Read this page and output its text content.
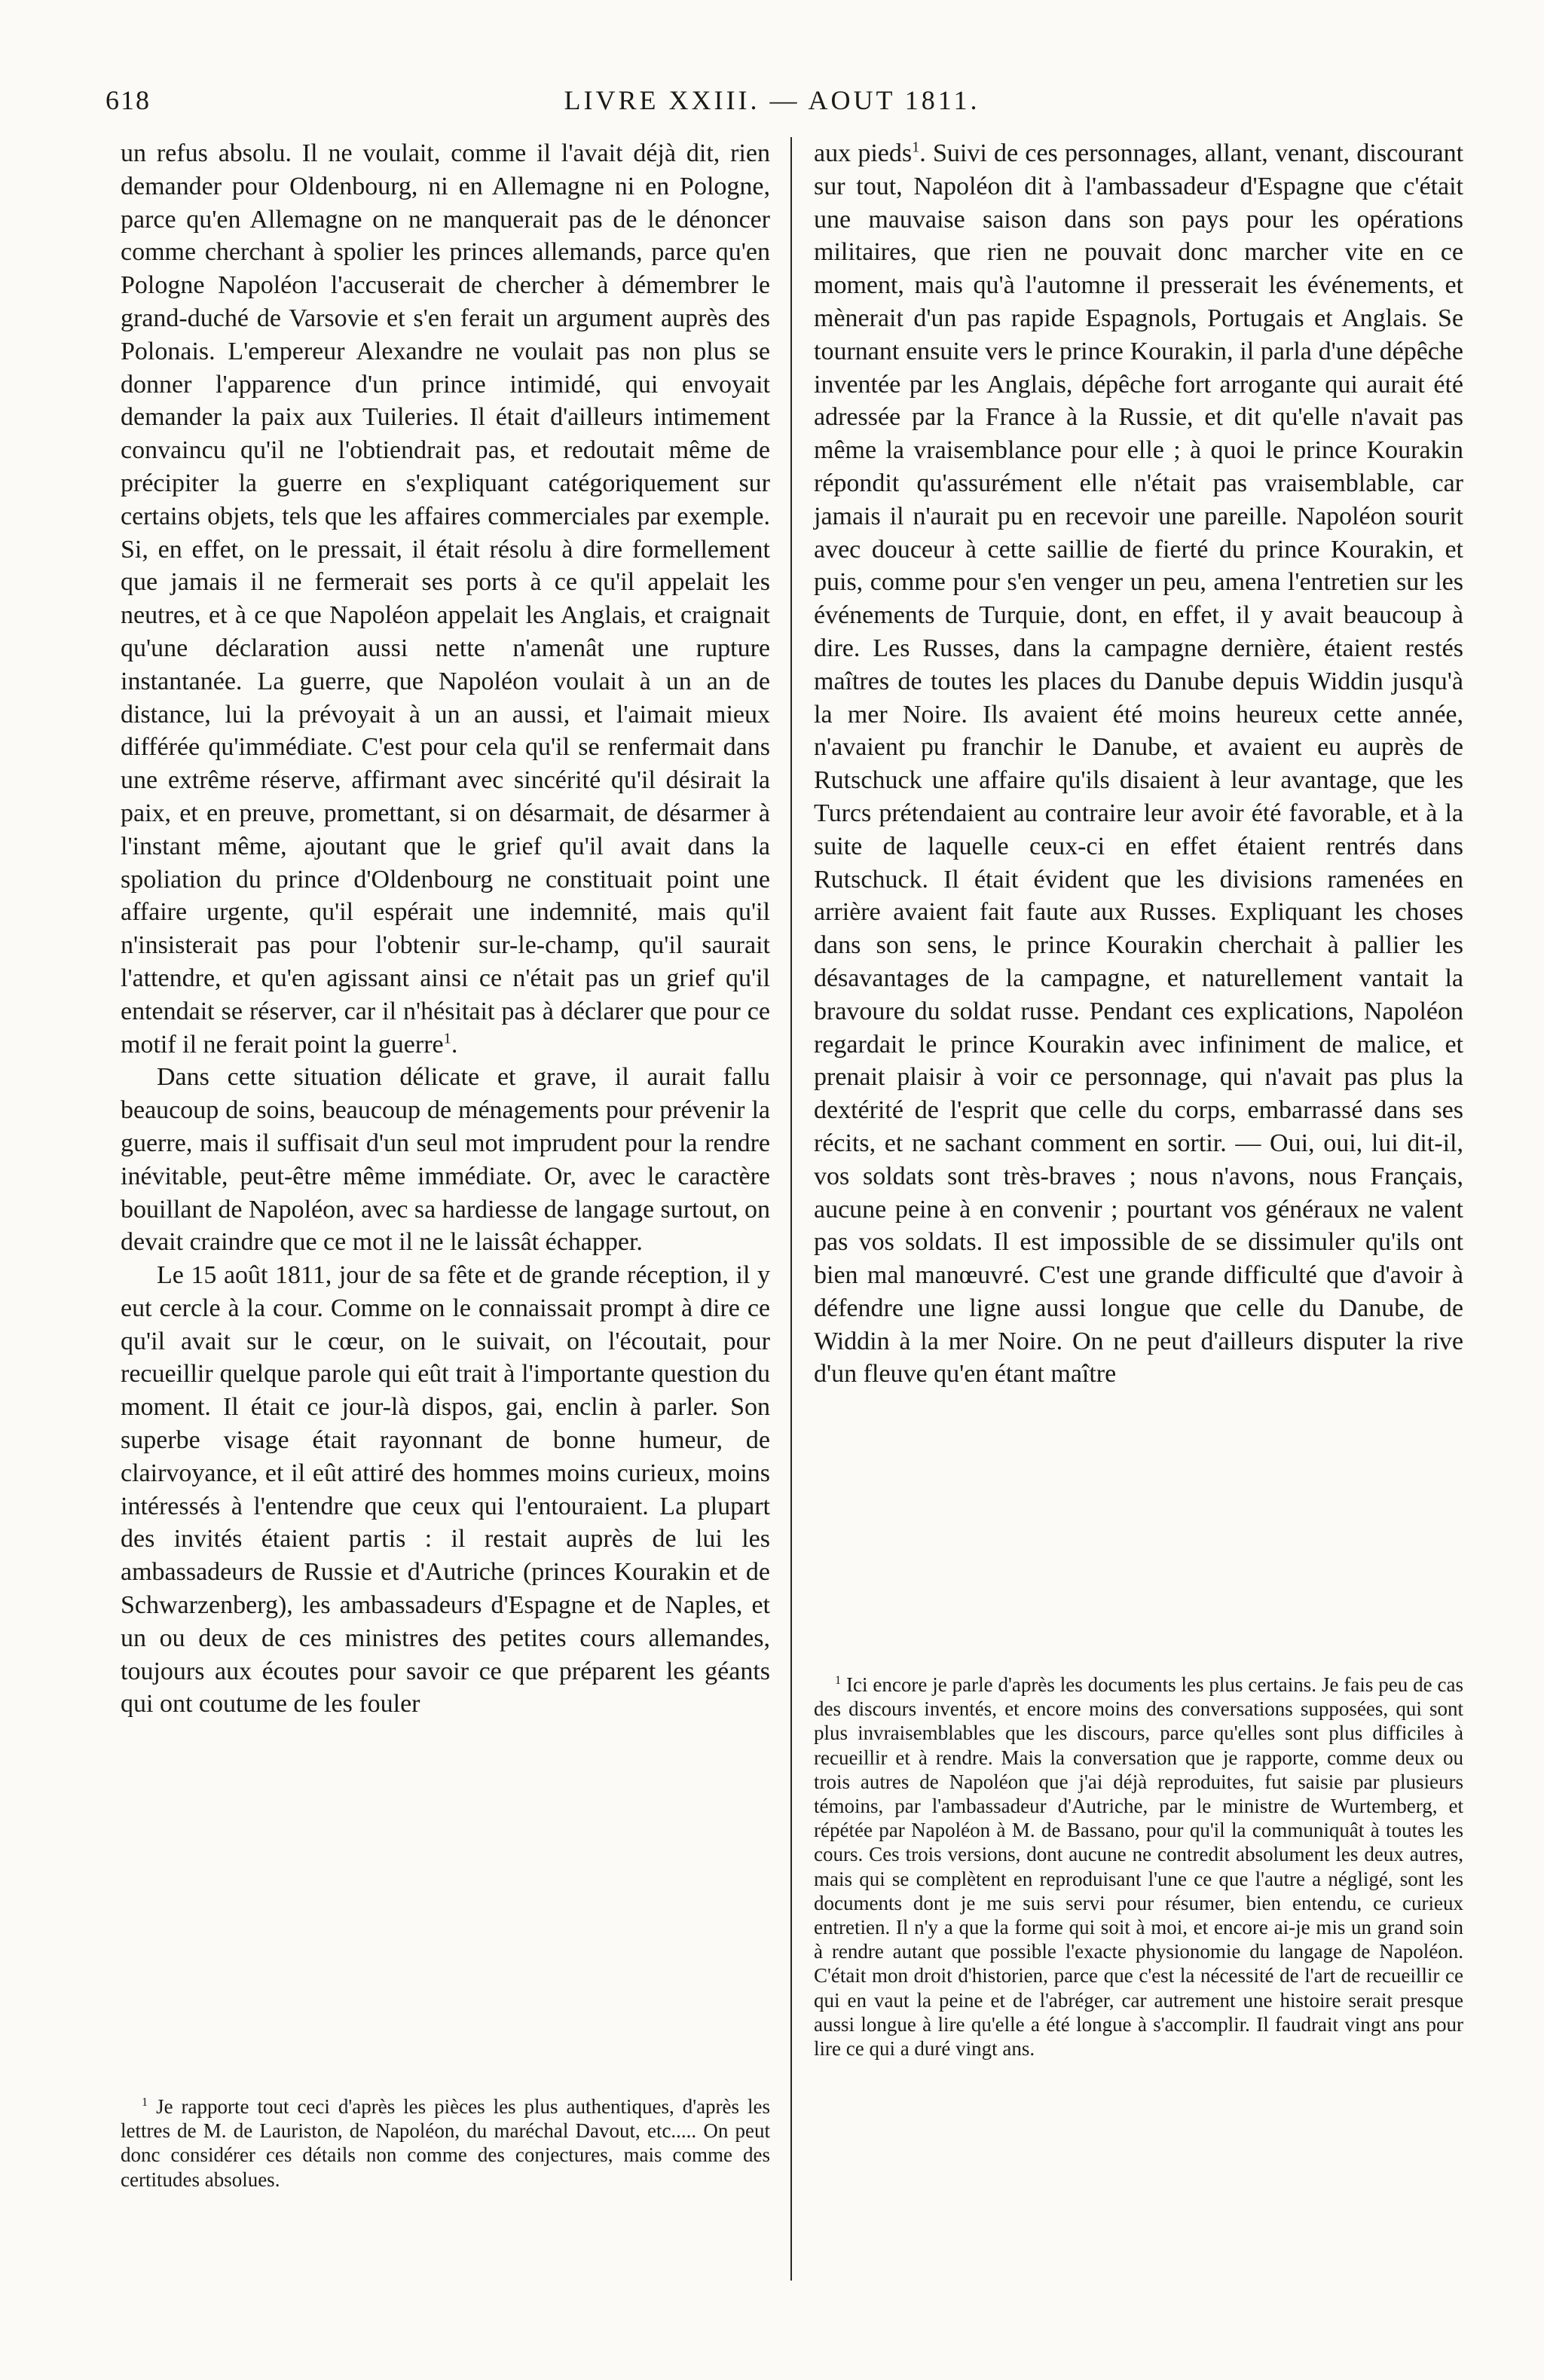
618	LIVRE XXIII. — AOUT 1811.

un refus absolu. Il ne voulait, comme il l'avait déjà dit, rien demander pour Oldenbourg, ni en Allemagne ni en Pologne, parce qu'en Allemagne on ne manquerait pas de le dénoncer comme cherchant à spolier les princes allemands, parce qu'en Pologne Napoléon l'accuserait de chercher à démembrer le grand-duché de Varsovie et s'en ferait un argument auprès des Polonais. L'empereur Alexandre ne voulait pas non plus se donner l'apparence d'un prince intimidé, qui envoyait demander la paix aux Tuileries. Il était d'ailleurs intimement convaincu qu'il ne l'obtiendrait pas, et redoutait même de précipiter la guerre en s'expliquant catégoriquement sur certains objets, tels que les affaires commerciales par exemple. Si, en effet, on le pressait, il était résolu à dire formellement que jamais il ne fermerait ses ports à ce qu'il appelait les neutres, et à ce que Napoléon appelait les Anglais, et craignait qu'une déclaration aussi nette n'amenât une rupture instantanée. La guerre, que Napoléon voulait à un an de distance, lui la prévoyait à un an aussi, et l'aimait mieux différée qu'immédiate. C'est pour cela qu'il se renfermait dans une extrême réserve, affirmant avec sincérité qu'il désirait la paix, et en preuve, promettant, si on désarmait, de désarmer à l'instant même, ajoutant que le grief qu'il avait dans la spoliation du prince d'Oldenbourg ne constituait point une affaire urgente, qu'il espérait une indemnité, mais qu'il n'insisterait pas pour l'obtenir sur-le-champ, qu'il saurait l'attendre, et qu'en agissant ainsi ce n'était pas un grief qu'il entendait se réserver, car il n'hésitait pas à déclarer que pour ce motif il ne ferait point la guerre$^1$.

Dans cette situation délicate et grave, il aurait fallu beaucoup de soins, beaucoup de ménagements pour prévenir la guerre, mais il suffisait d'un seul mot imprudent pour la rendre inévitable, peut-être même immédiate. Or, avec le caractère bouillant de Napoléon, avec sa hardiesse de langage surtout, on devait craindre que ce mot il ne le laissât échapper.

Le 15 août 1811, jour de sa fête et de grande réception, il y eut cercle à la cour. Comme on le connaissait prompt à dire ce qu'il avait sur le cœur, on le suivait, on l'écoutait, pour recueillir quelque parole qui eût trait à l'importante question du moment. Il était ce jour-là dispos, gai, enclin à parler. Son superbe visage était rayonnant de bonne humeur, de clairvoyance, et il eût attiré des hommes moins curieux, moins intéressés à l'entendre que ceux qui l'entouraient. La plupart des invités étaient partis : il restait auprès de lui les ambassadeurs de Russie et d'Autriche (princes Kourakin et de Schwarzenberg), les ambassadeurs d'Espagne et de Naples, et un ou deux de ces ministres des petites cours allemandes, toujours aux écoutes pour savoir ce que préparent les géants qui ont coutume de les fouler

$^1$ Je rapporte tout ceci d'après les pièces les plus authentiques, d'après les lettres de M. de Lauriston, de Napoléon, du maréchal Davout, etc..... On peut donc considérer ces détails non comme des conjectures, mais comme des certitudes absolues.

aux pieds$^1$. Suivi de ces personnages, allant, venant, discourant sur tout, Napoléon dit à l'ambassadeur d'Espagne que c'était une mauvaise saison dans son pays pour les opérations militaires, que rien ne pouvait donc marcher vite en ce moment, mais qu'à l'automne il presserait les événements, et mènerait d'un pas rapide Espagnols, Portugais et Anglais. Se tournant ensuite vers le prince Kourakin, il parla d'une dépêche inventée par les Anglais, dépêche fort arrogante qui aurait été adressée par la France à la Russie, et dit qu'elle n'avait pas même la vraisemblance pour elle ; à quoi le prince Kourakin répondit qu'assurément elle n'était pas vraisemblable, car jamais il n'aurait pu en recevoir une pareille. Napoléon sourit avec douceur à cette saillie de fierté du prince Kourakin, et puis, comme pour s'en venger un peu, amena l'entretien sur les événements de Turquie, dont, en effet, il y avait beaucoup à dire. Les Russes, dans la campagne dernière, étaient restés maîtres de toutes les places du Danube depuis Widdin jusqu'à la mer Noire. Ils avaient été moins heureux cette année, n'avaient pu franchir le Danube, et avaient eu auprès de Rutschuck une affaire qu'ils disaient à leur avantage, que les Turcs prétendaient au contraire leur avoir été favorable, et à la suite de laquelle ceux-ci en effet étaient rentrés dans Rutschuck. Il était évident que les divisions ramenées en arrière avaient fait faute aux Russes. Expliquant les choses dans son sens, le prince Kourakin cherchait à pallier les désavantages de la campagne, et naturellement vantait la bravoure du soldat russe. Pendant ces explications, Napoléon regardait le prince Kourakin avec infiniment de malice, et prenait plaisir à voir ce personnage, qui n'avait pas plus la dextérité de l'esprit que celle du corps, embarrassé dans ses récits, et ne sachant comment en sortir. — Oui, oui, lui dit-il, vos soldats sont très-braves ; nous n'avons, nous Français, aucune peine à en convenir ; pourtant vos généraux ne valent pas vos soldats. Il est impossible de se dissimuler qu'ils ont bien mal manœuvré. C'est une grande difficulté que d'avoir à défendre une ligne aussi longue que celle du Danube, de Widdin à la mer Noire. On ne peut d'ailleurs disputer la rive d'un fleuve qu'en étant maître

$^1$ Ici encore je parle d'après les documents les plus certains. Je fais peu de cas des discours inventés, et encore moins des conversations supposées, qui sont plus invraisemblables que les discours, parce qu'elles sont plus difficiles à recueillir et à rendre. Mais la conversation que je rapporte, comme deux ou trois autres de Napoléon que j'ai déjà reproduites, fut saisie par plusieurs témoins, par l'ambassadeur d'Autriche, par le ministre de Wurtemberg, et répétée par Napoléon à M. de Bassano, pour qu'il la communiquât à toutes les cours. Ces trois versions, dont aucune ne contredit absolument les deux autres, mais qui se complètent en reproduisant l'une ce que l'autre a négligé, sont les documents dont je me suis servi pour résumer, bien entendu, ce curieux entretien. Il n'y a que la forme qui soit à moi, et encore ai-je mis un grand soin à rendre autant que possible l'exacte physionomie du langage de Napoléon. C'était mon droit d'historien, parce que c'est la nécessité de l'art de recueillir ce qui en vaut la peine et de l'abréger, car autrement une histoire serait presque aussi longue à lire qu'elle a été longue à s'accomplir. Il faudrait vingt ans pour lire ce qui a duré vingt ans.
